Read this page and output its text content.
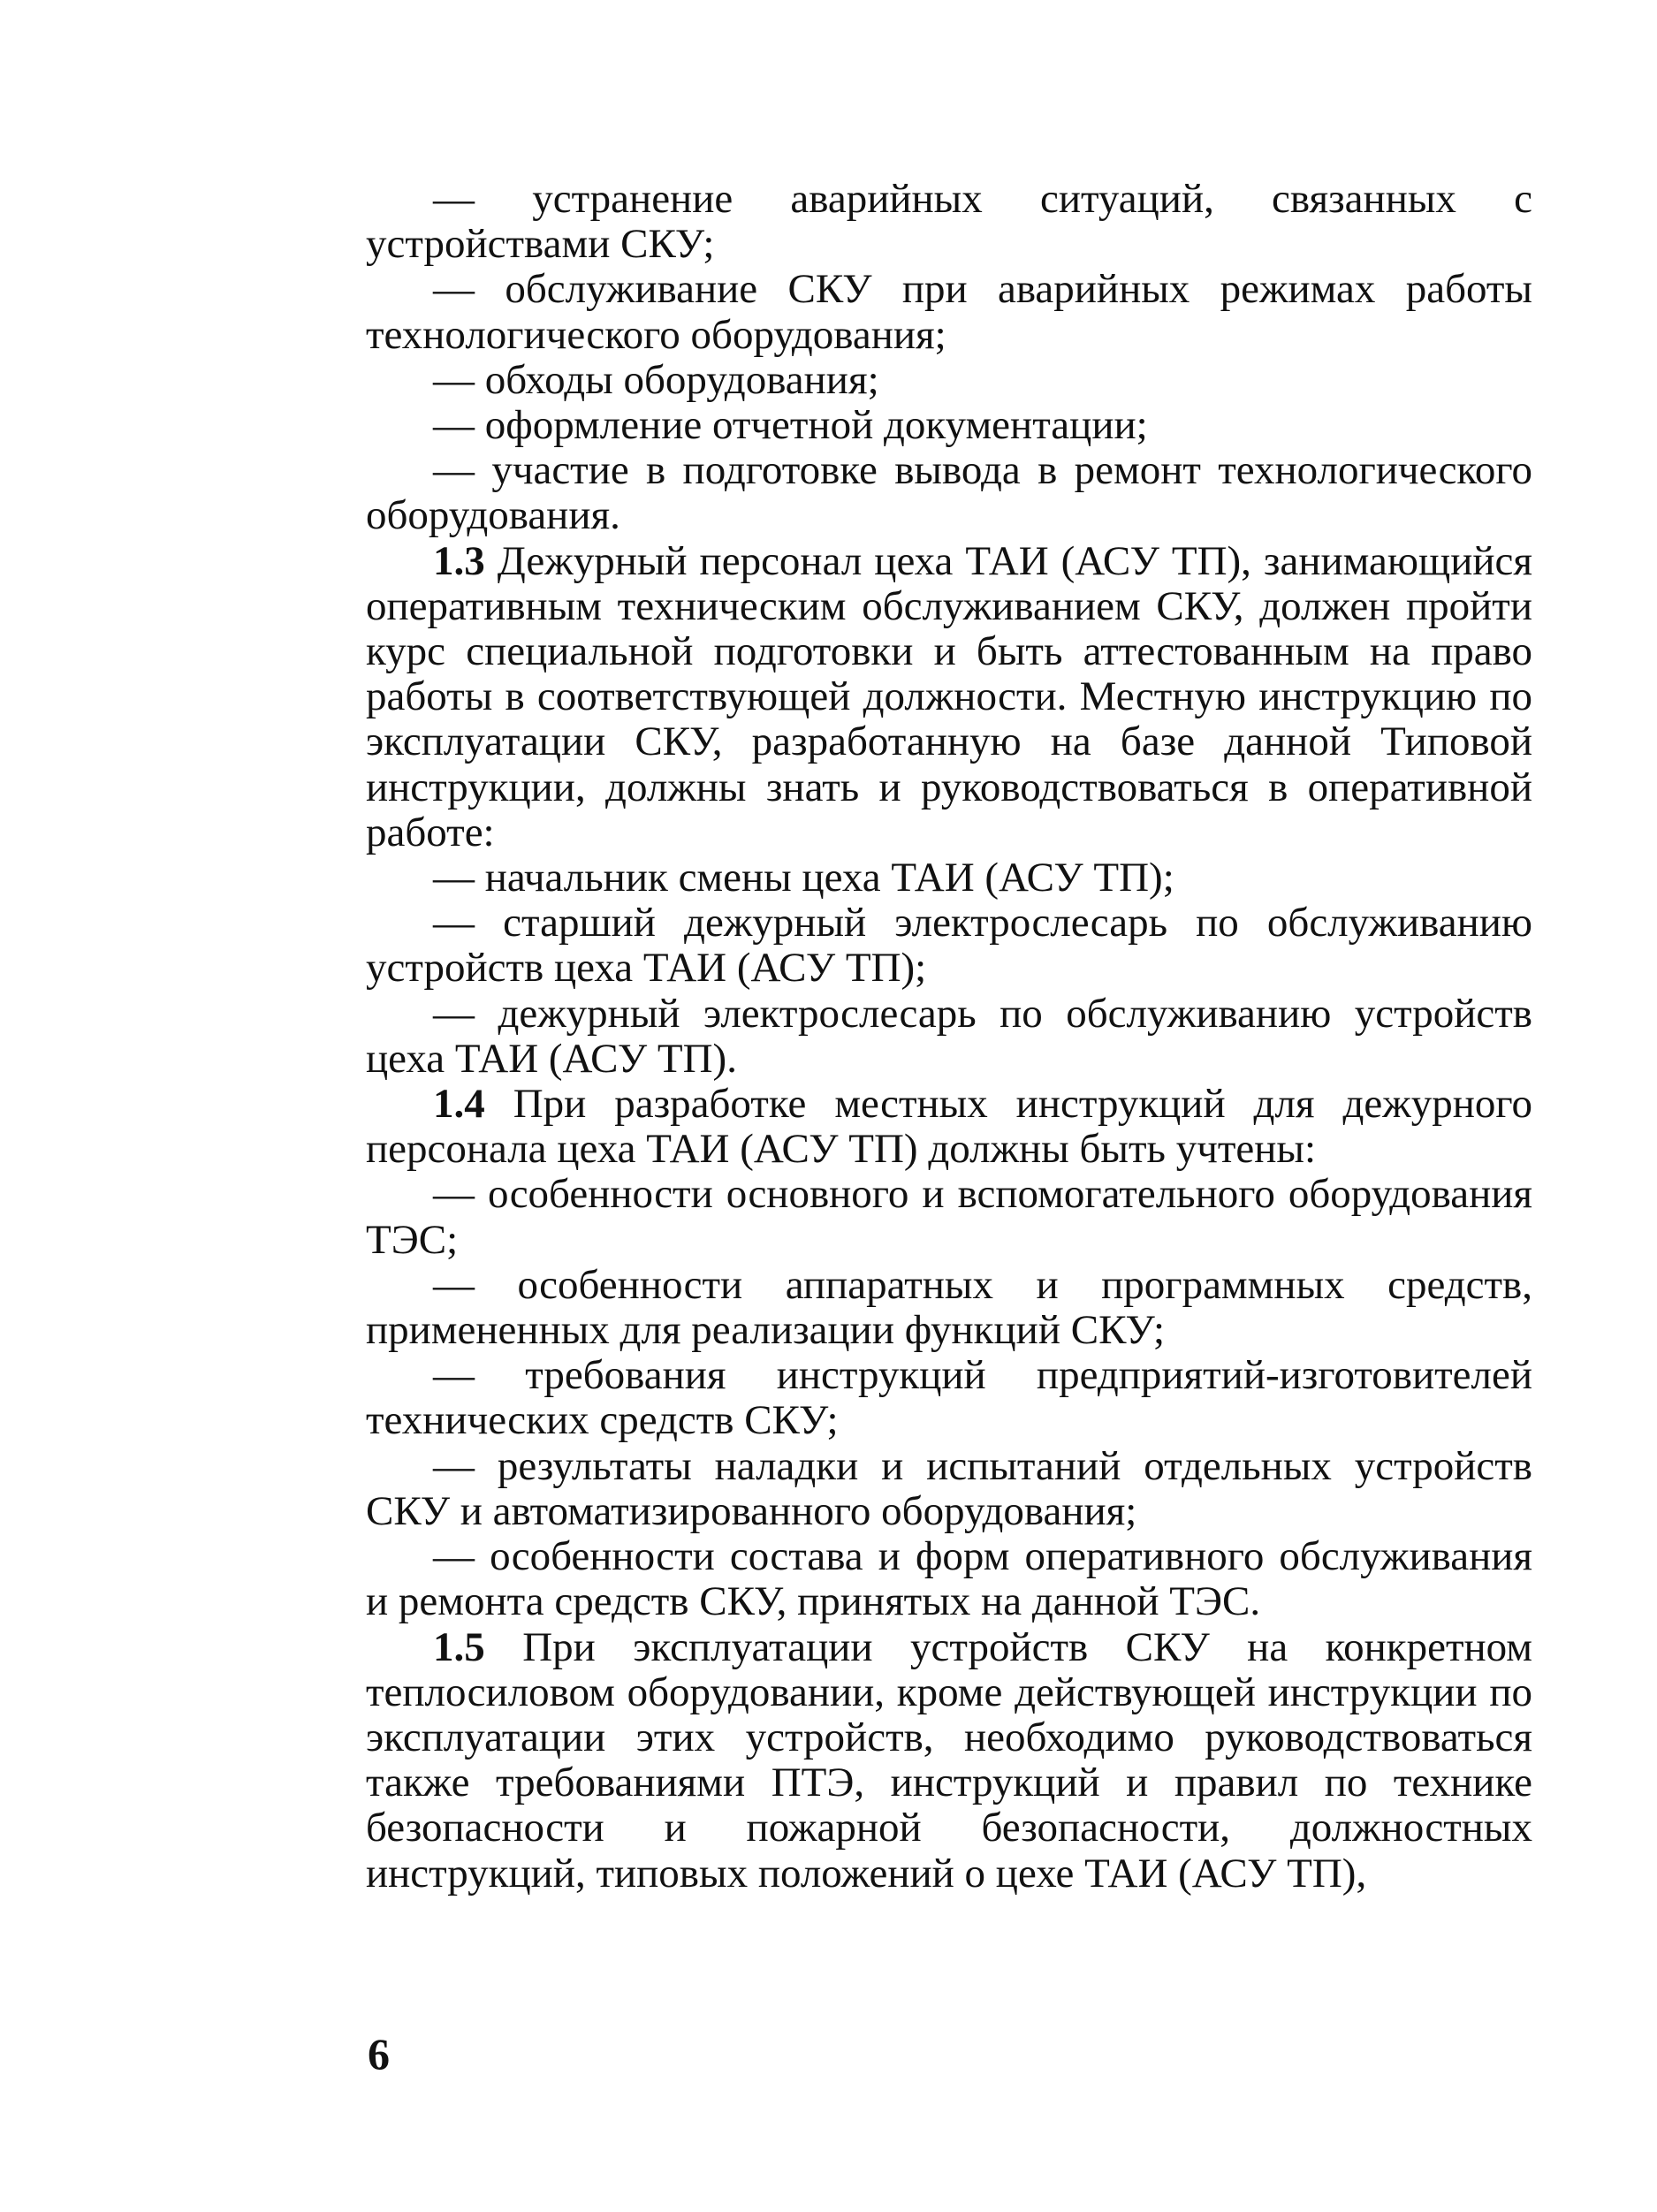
— устранение аварийных ситуаций, связанных с устройствами СКУ;

— обслуживание СКУ при аварийных режимах работы технологического оборудования;

— обходы оборудования;

— оформление отчетной документации;

— участие в подготовке вывода в ремонт технологического оборудования.

1.3 Дежурный персонал цеха ТАИ (АСУ ТП), занимающийся оперативным техническим обслуживанием СКУ, должен пройти курс специальной подготовки и быть аттестованным на право работы в соответствующей должности. Местную инструкцию по эксплуатации СКУ, разработанную на базе данной Типовой инструкции, должны знать и руководствоваться в оперативной работе:

— начальник смены цеха ТАИ (АСУ ТП);

— старший дежурный электрослесарь по обслуживанию устройств цеха ТАИ (АСУ ТП);

— дежурный электрослесарь по обслуживанию устройств цеха ТАИ (АСУ ТП).

1.4 При разработке местных инструкций для дежурного персонала цеха ТАИ (АСУ ТП) должны быть учтены:

— особенности основного и вспомогательного оборудования ТЭС;

— особенности аппаратных и программных средств, примененных для реализации функций СКУ;

— требования инструкций предприятий-изготовителей технических средств СКУ;

— результаты наладки и испытаний отдельных устройств СКУ и автоматизированного оборудования;

— особенности состава и форм оперативного обслуживания и ремонта средств СКУ, принятых на данной ТЭС.

1.5 При эксплуатации устройств СКУ на конкретном теплосиловом оборудовании, кроме действующей инструкции по эксплуатации этих устройств, необходимо руководствоваться также требованиями ПТЭ, инструкций и правил по технике безопасности и пожарной безопасности, должностных инструкций, типовых положений о цехе ТАИ (АСУ ТП),

6
